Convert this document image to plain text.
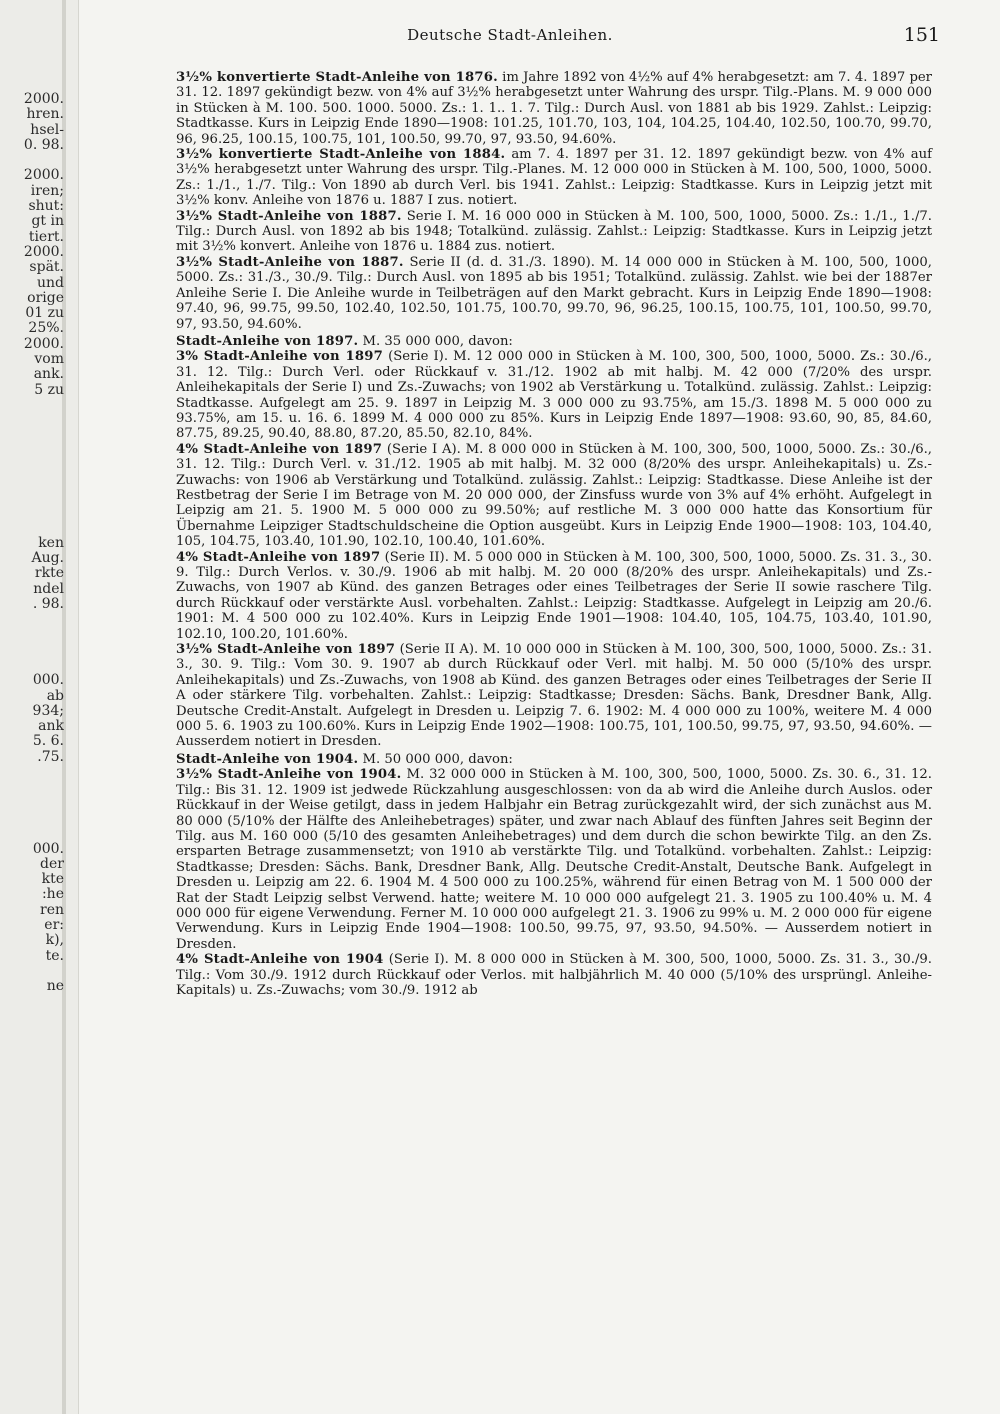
2000.
hren.
hsel-
0. 98.
2000.
iren;
shut:
gt in
tiert.
2000.
spät.
und
orige
01 zu
25%.
2000.
vom
ank.
5 zu
ken
Aug.
rkte
ndel
. 98.
000.
ab
934;
ank
5. 6.
.75.
000.
der
kte
:he
ren
er:
k),
te.
ne
Deutsche Stadt-Anleihen.	151

3½% konvertierte Stadt-Anleihe von 1876. im Jahre 1892 von 4½% auf 4% herabgesetzt: am 7. 4. 1897 per 31. 12. 1897 gekündigt bezw. von 4% auf 3½% herabgesetzt unter Wahrung des urspr. Tilg.-Plans. M. 9 000 000 in Stücken à M. 100. 500. 1000. 5000. Zs.: 1. 1.. 1. 7. Tilg.: Durch Ausl. von 1881 ab bis 1929. Zahlst.: Leipzig: Stadtkasse. Kurs in Leipzig Ende 1890—1908: 101.25, 101.70, 103, 104, 104.25, 104.40, 102.50, 100.70, 99.70, 96, 96.25, 100.15, 100.75, 101, 100.50, 99.70, 97, 93.50, 94.60%.

3½% konvertierte Stadt-Anleihe von 1884. am 7. 4. 1897 per 31. 12. 1897 gekündigt bezw. von 4% auf 3½% herabgesetzt unter Wahrung des urspr. Tilg.-Planes. M. 12 000 000 in Stücken à M. 100, 500, 1000, 5000. Zs.: 1./1., 1./7. Tilg.: Von 1890 ab durch Verl. bis 1941. Zahlst.: Leipzig: Stadtkasse. Kurs in Leipzig jetzt mit 3½% konv. Anleihe von 1876 u. 1887 I zus. notiert.

3½% Stadt-Anleihe von 1887. Serie I. M. 16 000 000 in Stücken à M. 100, 500, 1000, 5000. Zs.: 1./1., 1./7. Tilg.: Durch Ausl. von 1892 ab bis 1948; Totalkünd. zulässig. Zahlst.: Leipzig: Stadtkasse. Kurs in Leipzig jetzt mit 3½% konvert. Anleihe von 1876 u. 1884 zus. notiert.

3½% Stadt-Anleihe von 1887. Serie II (d. d. 31./3. 1890). M. 14 000 000 in Stücken à M. 100, 500, 1000, 5000. Zs.: 31./3., 30./9. Tilg.: Durch Ausl. von 1895 ab bis 1951; Totalkünd. zulässig. Zahlst. wie bei der 1887er Anleihe Serie I. Die Anleihe wurde in Teilbeträgen auf den Markt gebracht. Kurs in Leipzig Ende 1890—1908: 97.40, 96, 99.75, 99.50, 102.40, 102.50, 101.75, 100.70, 99.70, 96, 96.25, 100.15, 100.75, 101, 100.50, 99.70, 97, 93.50, 94.60%.

Stadt-Anleihe von 1897. M. 35 000 000, davon:

3% Stadt-Anleihe von 1897 (Serie I). M. 12 000 000 in Stücken à M. 100, 300, 500, 1000, 5000. Zs.: 30./6., 31. 12. Tilg.: Durch Verl. oder Rückkauf v. 31./12. 1902 ab mit halbj. M. 42 000 (7/20% des urspr. Anleihekapitals der Serie I) und Zs.-Zuwachs; von 1902 ab Verstärkung u. Totalkünd. zulässig. Zahlst.: Leipzig: Stadtkasse. Aufgelegt am 25. 9. 1897 in Leipzig M. 3 000 000 zu 93.75%, am 15./3. 1898 M. 5 000 000 zu 93.75%, am 15. u. 16. 6. 1899 M. 4 000 000 zu 85%. Kurs in Leipzig Ende 1897—1908: 93.60, 90, 85, 84.60, 87.75, 89.25, 90.40, 88.80, 87.20, 85.50, 82.10, 84%.

4% Stadt-Anleihe von 1897 (Serie I A). M. 8 000 000 in Stücken à M. 100, 300, 500, 1000, 5000. Zs.: 30./6., 31. 12. Tilg.: Durch Verl. v. 31./12. 1905 ab mit halbj. M. 32 000 (8/20% des urspr. Anleihekapitals) u. Zs.-Zuwachs: von 1906 ab Verstärkung und Totalkünd. zulässig. Zahlst.: Leipzig: Stadtkasse. Diese Anleihe ist der Restbetrag der Serie I im Betrage von M. 20 000 000, der Zinsfuss wurde von 3% auf 4% erhöht. Aufgelegt in Leipzig am 21. 5. 1900 M. 5 000 000 zu 99.50%; auf restliche M. 3 000 000 hatte das Konsortium für Übernahme Leipziger Stadtschuldscheine die Option ausgeübt. Kurs in Leipzig Ende 1900—1908: 103, 104.40, 105, 104.75, 103.40, 101.90, 102.10, 100.40, 101.60%.

4% Stadt-Anleihe von 1897 (Serie II). M. 5 000 000 in Stücken à M. 100, 300, 500, 1000, 5000. Zs. 31. 3., 30. 9. Tilg.: Durch Verlos. v. 30./9. 1906 ab mit halbj. M. 20 000 (8/20% des urspr. Anleihekapitals) und Zs.-Zuwachs, von 1907 ab Künd. des ganzen Betrages oder eines Teilbetrages der Serie II sowie raschere Tilg. durch Rückkauf oder verstärkte Ausl. vorbehalten. Zahlst.: Leipzig: Stadtkasse. Aufgelegt in Leipzig am 20./6. 1901: M. 4 500 000 zu 102.40%. Kurs in Leipzig Ende 1901—1908: 104.40, 105, 104.75, 103.40, 101.90, 102.10, 100.20, 101.60%.

3½% Stadt-Anleihe von 1897 (Serie II A). M. 10 000 000 in Stücken à M. 100, 300, 500, 1000, 5000. Zs.: 31. 3., 30. 9. Tilg.: Vom 30. 9. 1907 ab durch Rückkauf oder Verl. mit halbj. M. 50 000 (5/10% des urspr. Anleihekapitals) und Zs.-Zuwachs, von 1908 ab Künd. des ganzen Betrages oder eines Teilbetrages der Serie II A oder stärkere Tilg. vorbehalten. Zahlst.: Leipzig: Stadtkasse; Dresden: Sächs. Bank, Dresdner Bank, Allg. Deutsche Credit-Anstalt. Aufgelegt in Dresden u. Leipzig 7. 6. 1902: M. 4 000 000 zu 100%, weitere M. 4 000 000 5. 6. 1903 zu 100.60%. Kurs in Leipzig Ende 1902—1908: 100.75, 101, 100.50, 99.75, 97, 93.50, 94.60%. — Ausserdem notiert in Dresden.

Stadt-Anleihe von 1904. M. 50 000 000, davon:

3½% Stadt-Anleihe von 1904. M. 32 000 000 in Stücken à M. 100, 300, 500, 1000, 5000. Zs. 30. 6., 31. 12. Tilg.: Bis 31. 12. 1909 ist jedwede Rückzahlung ausgeschlossen: von da ab wird die Anleihe durch Auslos. oder Rückkauf in der Weise getilgt, dass in jedem Halbjahr ein Betrag zurückgezahlt wird, der sich zunächst aus M. 80 000 (5/10% der Hälfte des Anleihebetrages) später, und zwar nach Ablauf des fünften Jahres seit Beginn der Tilg. aus M. 160 000 (5/10 des gesamten Anleihebetrages) und dem durch die schon bewirkte Tilg. an den Zs. ersparten Betrage zusammensetzt; von 1910 ab verstärkte Tilg. und Totalkünd. vorbehalten. Zahlst.: Leipzig: Stadtkasse; Dresden: Sächs. Bank, Dresdner Bank, Allg. Deutsche Credit-Anstalt, Deutsche Bank. Aufgelegt in Dresden u. Leipzig am 22. 6. 1904 M. 4 500 000 zu 100.25%, während für einen Betrag von M. 1 500 000 der Rat der Stadt Leipzig selbst Verwend. hatte; weitere M. 10 000 000 aufgelegt 21. 3. 1905 zu 100.40% u. M. 4 000 000 für eigene Verwendung. Ferner M. 10 000 000 aufgelegt 21. 3. 1906 zu 99% u. M. 2 000 000 für eigene Verwendung. Kurs in Leipzig Ende 1904—1908: 100.50, 99.75, 97, 93.50, 94.50%. — Ausserdem notiert in Dresden.

4% Stadt-Anleihe von 1904 (Serie I). M. 8 000 000 in Stücken à M. 300, 500, 1000, 5000. Zs. 31. 3., 30./9. Tilg.: Vom 30./9. 1912 durch Rückkauf oder Verlos. mit halbjährlich M. 40 000 (5/10% des ursprüngl. Anleihe-Kapitals) u. Zs.-Zuwachs; vom 30./9. 1912 ab
